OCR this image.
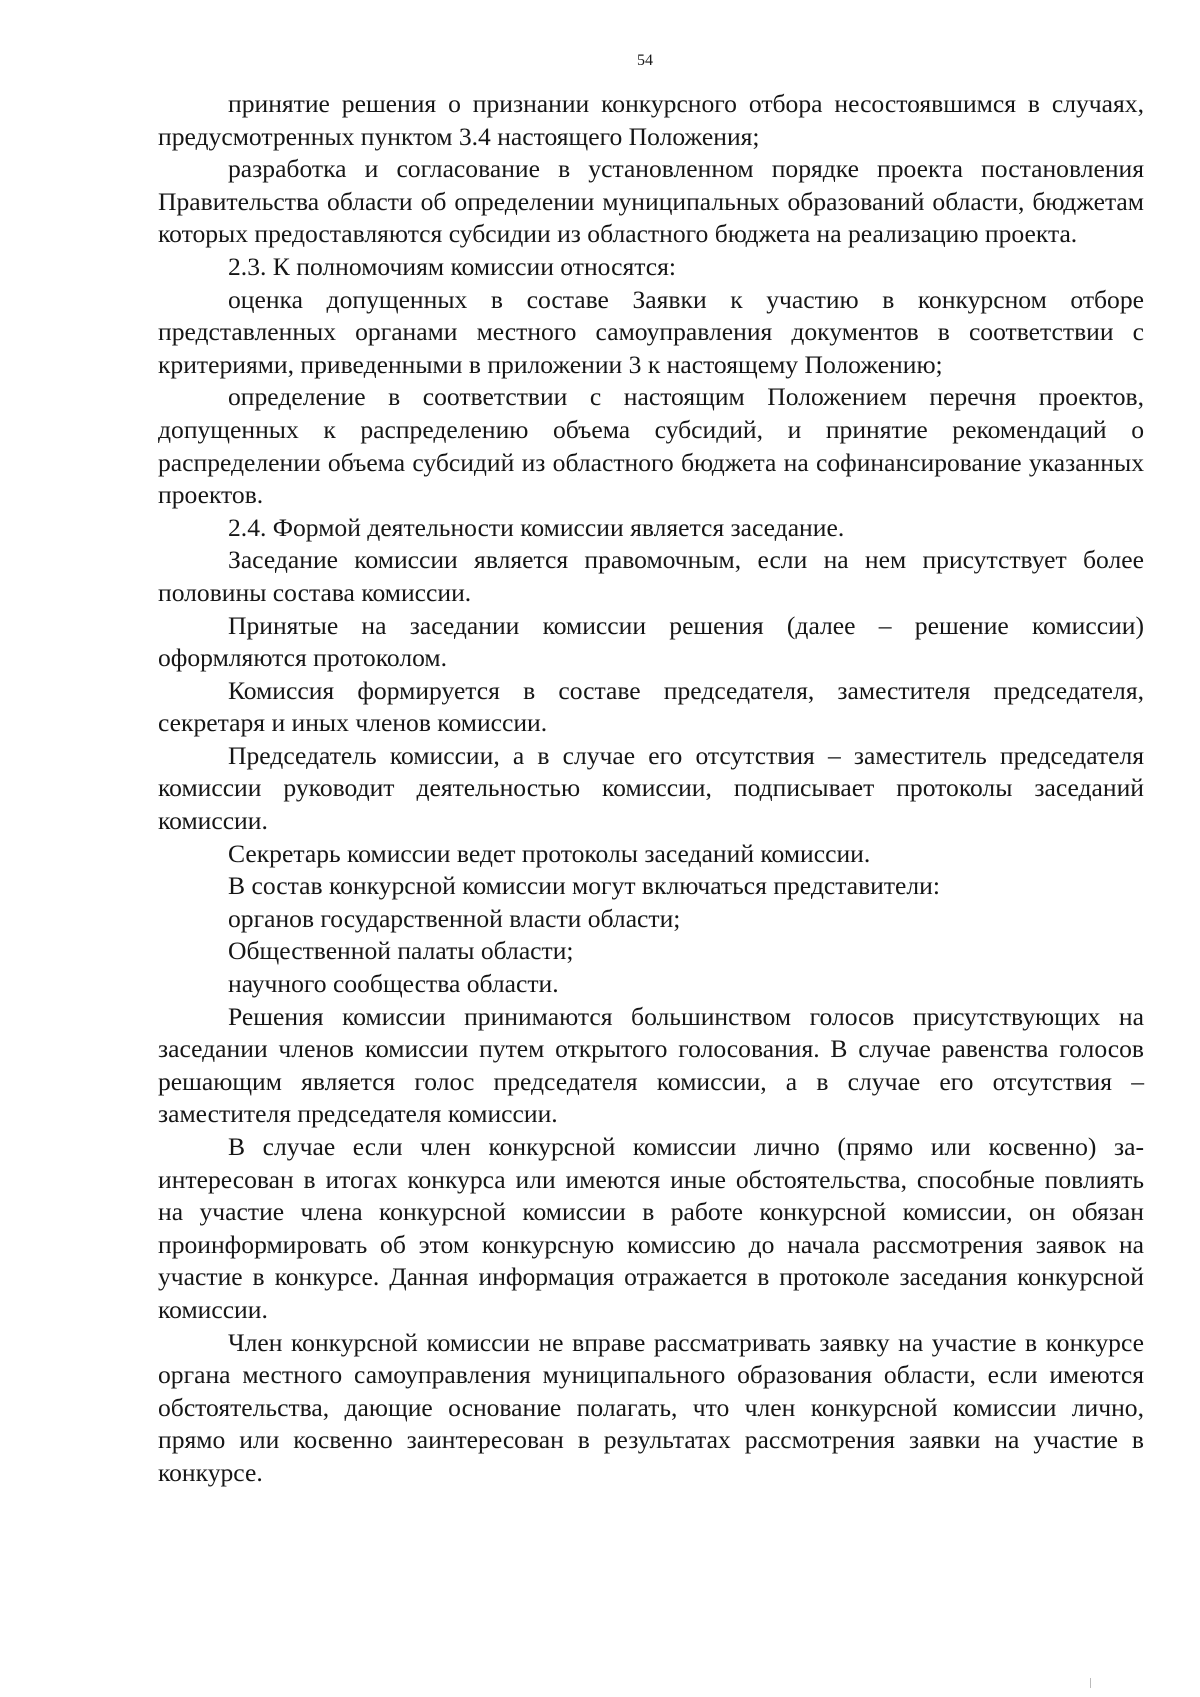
54

принятие решения о признании конкурсного отбора несостоявшимся в случаях, предусмотренных пунктом 3.4 настоящего Положения;

разработка и согласование в установленном порядке проекта постановления Правительства области об определении муниципальных образований области, бюджетам которых предоставляются субсидии из областного бюджета на реализацию проекта.

2.3. К полномочиям комиссии относятся:

оценка допущенных в составе Заявки к участию в конкурсном отборе представленных органами местного самоуправления документов в соответствии с критериями, приведенными в приложении 3 к настоящему Положению;

определение в соответствии с настоящим Положением перечня проектов, допущенных к распределению объема субсидий, и принятие рекомендаций о распределении объема субсидий из областного бюджета на софинансирование указанных проектов.

2.4. Формой деятельности комиссии является заседание.

Заседание комиссии является правомочным, если на нем присутствует более половины состава комиссии.

Принятые на заседании комиссии решения (далее – решение комиссии) оформляются протоколом.

Комиссия формируется в составе председателя, заместителя председателя, секретаря и иных членов комиссии.

Председатель комиссии, а в случае его отсутствия – заместитель председателя комиссии руководит деятельностью комиссии, подписывает протоколы заседаний комиссии.

Секретарь комиссии ведет протоколы заседаний комиссии.

В состав конкурсной комиссии могут включаться представители:

органов государственной власти области;

Общественной палаты области;

научного сообщества области.

Решения комиссии принимаются большинством голосов присутствующих на заседании членов комиссии путем открытого голосования. В случае равенства голосов решающим является голос председателя комиссии, а в случае его отсутствия – заместителя председателя комиссии.

В случае если член конкурсной комиссии лично (прямо или косвенно) заинтересован в итогах конкурса или имеются иные обстоятельства, способные повлиять на участие члена конкурсной комиссии в работе конкурсной комиссии, он обязан проинформировать об этом конкурсную комиссию до начала рассмотрения заявок на участие в конкурсе. Данная информация отражается в протоколе заседания конкурсной комиссии.

Член конкурсной комиссии не вправе рассматривать заявку на участие в конкурсе органа местного самоуправления муниципального образования области, если имеются обстоятельства, дающие основание полагать, что член конкурсной комиссии лично, прямо или косвенно заинтересован в результатах рассмотрения заявки на участие в конкурсе.
